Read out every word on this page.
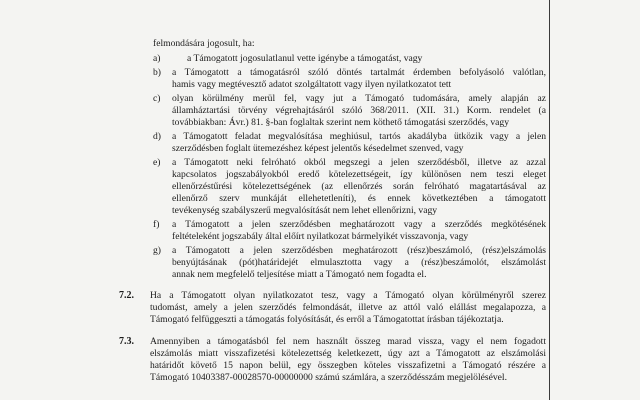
felmondására jogosult, ha:
a)	a Támogatott jogosulatlanul vette igénybe a támogatást, vagy
b) a Támogatott a támogatásról szóló döntés tartalmát érdemben befolyásoló valótlan,
hamis vagy megtévesztő adatot szolgáltatott vagy ilyen nyilatkozatot tett
c) olyan körülmény merül fel, vagy jut a Támogató tudomására, amely alapján az
államháztartási törvény végrehajtásáról szóló 368/2011. (XII. 31.) Korm. rendelet (a
továbbiakban: Ávr.) 81. §-ban foglaltak szerint nem köthető támogatási szerződés, vagy
d) a Támogatott feladat megvalósítása meghiúsul, tartós akadályba ütközik vagy a jelen
szerződésben foglalt ütemezéshez képest jelentős késedelmet szenved, vagy
e) a Támogatott neki felróható okból megszegi a jelen szerződésből, illetve az azzal
kapcsolatos jogszabályokból eredő kötelezettségeit, így különösen nem teszi eleget
ellenőrzéstűrési kötelezettségének (az ellenőrzés során felróható magatartásával az
ellenőrző szerv munkáját ellehetetleníti), és ennek következtében a támogatott
tevékenység szabályszerű megvalósítását nem lehet ellenőrizni, vagy
f) a Támogatott a jelen szerződésben meghatározott vagy a szerződés megkötésének
feltételeként jogszabály által előírt nyilatkozat bármelyikét visszavonja, vagy
g) a Támogatott a jelen szerződésben meghatározott (rész)beszámoló, (rész)elszámolás
benyújtásának (pót)határidejét elmulasztotta vagy a (rész)beszámolót, elszámolást
annak nem megfelelő teljesítése miatt a Támogató nem fogadta el.
7.2. Ha a Támogatott olyan nyilatkozatot tesz, vagy a Támogató olyan körülményről szerez
tudomást, amely a jelen szerződés felmondását, illetve az attól való elállást megalapozza, a
Támogató felfüggeszti a támogatás folyósítását, és erről a Támogatottat írásban tájékoztatja.
7.3. Amennyiben a támogatásból fel nem használt összeg marad vissza, vagy el nem fogadott
elszámolás miatt visszafizetési kötelezettség keletkezett, úgy azt a Támogatott az elszámolási
határidőt követő 15 napon belül, egy összegben köteles visszafizetni a Támogató részére a
Támogató 10403387-00028570-00000000 számú számlára, a szerződésszám megjelölésével.
